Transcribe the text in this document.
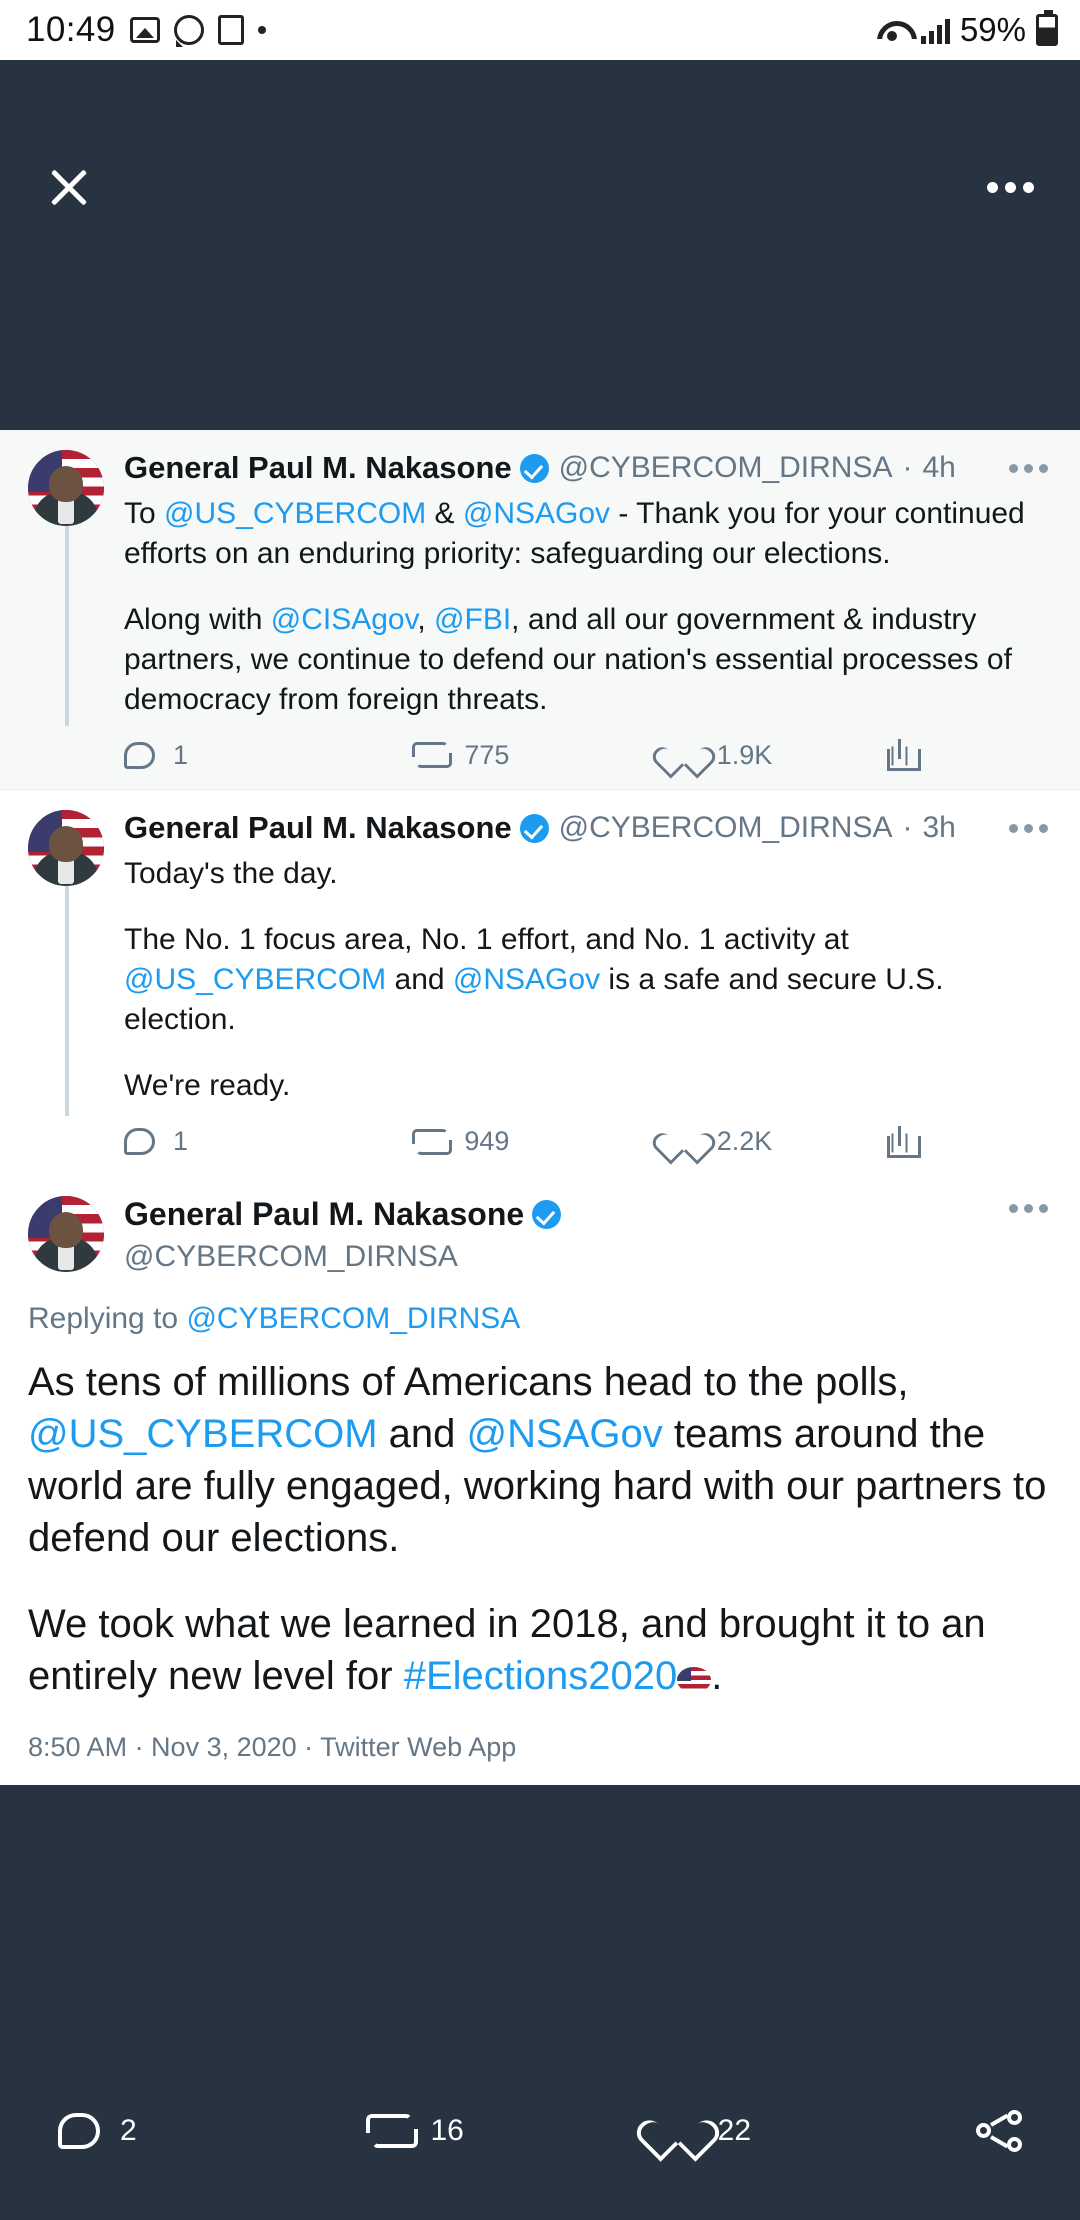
10:49	59%
General Paul M. Nakasone @CYBERCOM_DIRNSA · 4h

To @US_CYBERCOM & @NSAGov - Thank you for your continued efforts on an enduring priority: safeguarding our elections.

Along with @CISAgov, @FBI, and all our government & industry partners, we continue to defend our nation's essential processes of democracy from foreign threats.

1	775	1.9K
General Paul M. Nakasone @CYBERCOM_DIRNSA · 3h

Today's the day.

The No. 1 focus area, No. 1 effort, and No. 1 activity at @US_CYBERCOM and @NSAGov is a safe and secure U.S. election.

We're ready.

1	949	2.2K
General Paul M. Nakasone
@CYBERCOM_DIRNSA
Replying to @CYBERCOM_DIRNSA

As tens of millions of Americans head to the polls, @US_CYBERCOM and @NSAGov teams around the world are fully engaged, working hard with our partners to defend our elections.

We took what we learned in 2018, and brought it to an entirely new level for #Elections2020 .

8:50 AM · Nov 3, 2020 · Twitter Web App
2	16	22
